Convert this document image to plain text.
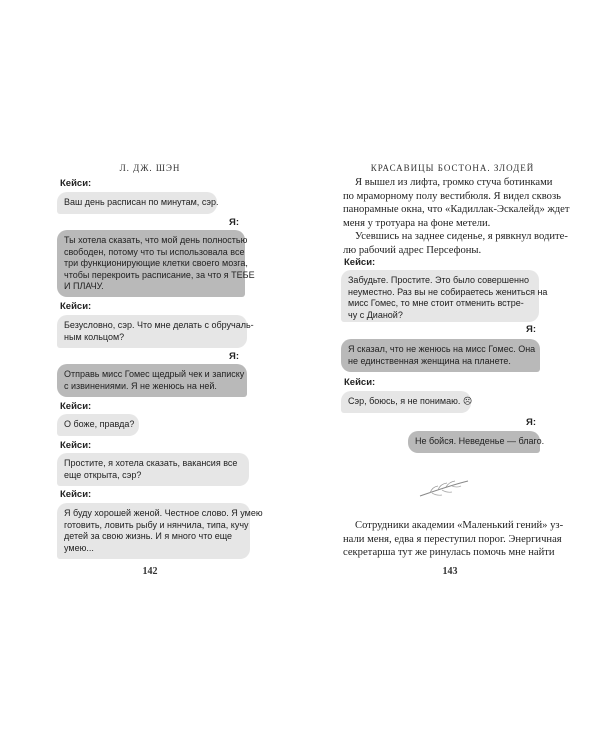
Л. ДЖ. ШЭН
Кейси:
Ваш день расписан по минутам, сэр.
Я:
Ты хотела сказать, что мой день полностью
свободен, потому что ты использовала все
три функционирующие клетки своего мозга,
чтобы перекроить расписание, за что я ТЕБЕ
И ПЛАЧУ.
Кейси:
Безусловно, сэр. Что мне делать с обручаль-
ным кольцом?
Я:
Отправь мисс Гомес щедрый чек и записку
с извинениями. Я не женюсь на ней.
Кейси:
О боже, правда?
Кейси:
Простите, я хотела сказать, вакансия все
еще открыта, сэр?
Кейси:
Я буду хорошей женой. Честное слово. Я умею
готовить, ловить рыбу и нянчила, типа, кучу
детей за свою жизнь. И я много что еще
умею...
142
КРАСАВИЦЫ БОСТОНА. ЗЛОДЕЙ
Я вышел из лифта, громко стуча ботинками
по мраморному полу вестибюля. Я видел сквозь
панорамные окна, что «Кадиллак-Эскалейд» ждет
меня у тротуара на фоне метели.
Усевшись на заднее сиденье, я рявкнул водите-
лю рабочий адрес Персефоны.
Кейси:
Забудьте. Простите. Это было совершенно
неуместно. Раз вы не собираетесь жениться на
мисс Гомес, то мне стоит отменить встре-
чу с Дианой?
Я:
Я сказал, что не женюсь на мисс Гомес. Она
не единственная женщина на планете.
Кейси:
Сэр, боюсь, я не понимаю. ☹
Я:
Не бойся. Неведенье — благо.
Сотрудники академии «Маленький гений» уз-
нали меня, едва я переступил порог. Энергичная
секретарша тут же ринулась помочь мне найти
143
